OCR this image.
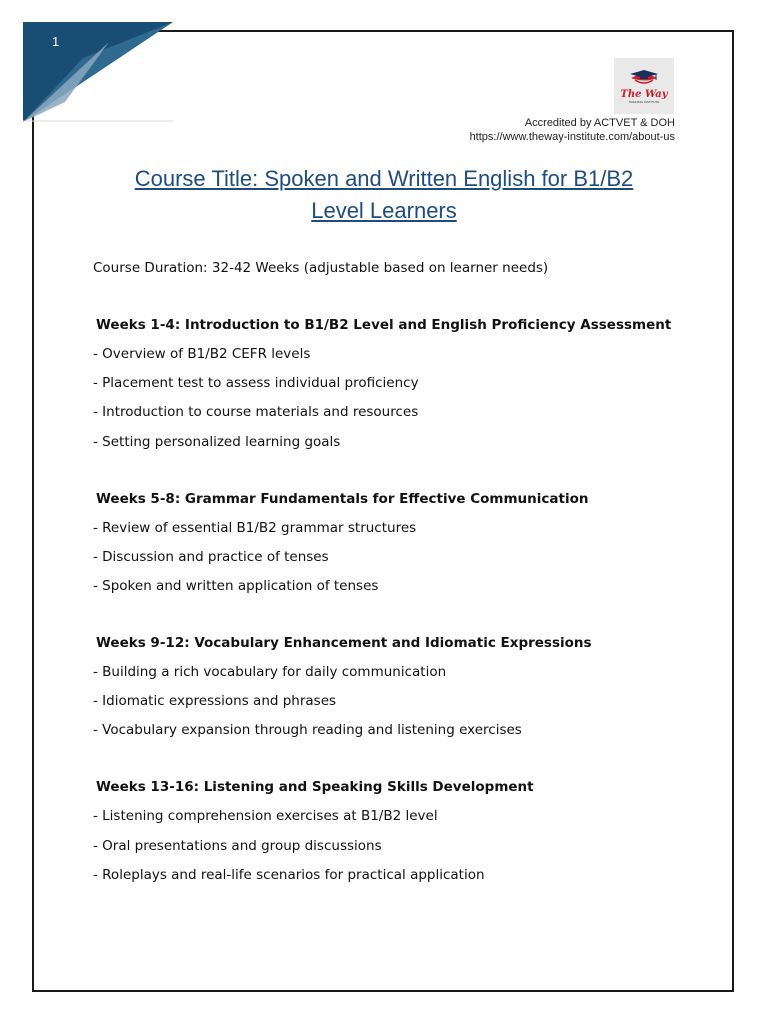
1
The Way
TRAINING INSTITUTE
Accredited by ACTVET & DOH
https://www.theway-institute.com/about-us
Course Title: Spoken and Written English for B1/B2
Level Learners

Course Duration: 32-42 Weeks (adjustable based on learner needs)

Weeks 1-4: Introduction to B1/B2 Level and English Proficiency Assessment

- Overview of B1/B2 CEFR levels

- Placement test to assess individual proficiency

- Introduction to course materials and resources

- Setting personalized learning goals

Weeks 5-8: Grammar Fundamentals for Effective Communication

- Review of essential B1/B2 grammar structures

- Discussion and practice of tenses

- Spoken and written application of tenses

Weeks 9-12: Vocabulary Enhancement and Idiomatic Expressions

- Building a rich vocabulary for daily communication

- Idiomatic expressions and phrases

- Vocabulary expansion through reading and listening exercises

Weeks 13-16: Listening and Speaking Skills Development

- Listening comprehension exercises at B1/B2 level

- Oral presentations and group discussions

- Roleplays and real-life scenarios for practical application
